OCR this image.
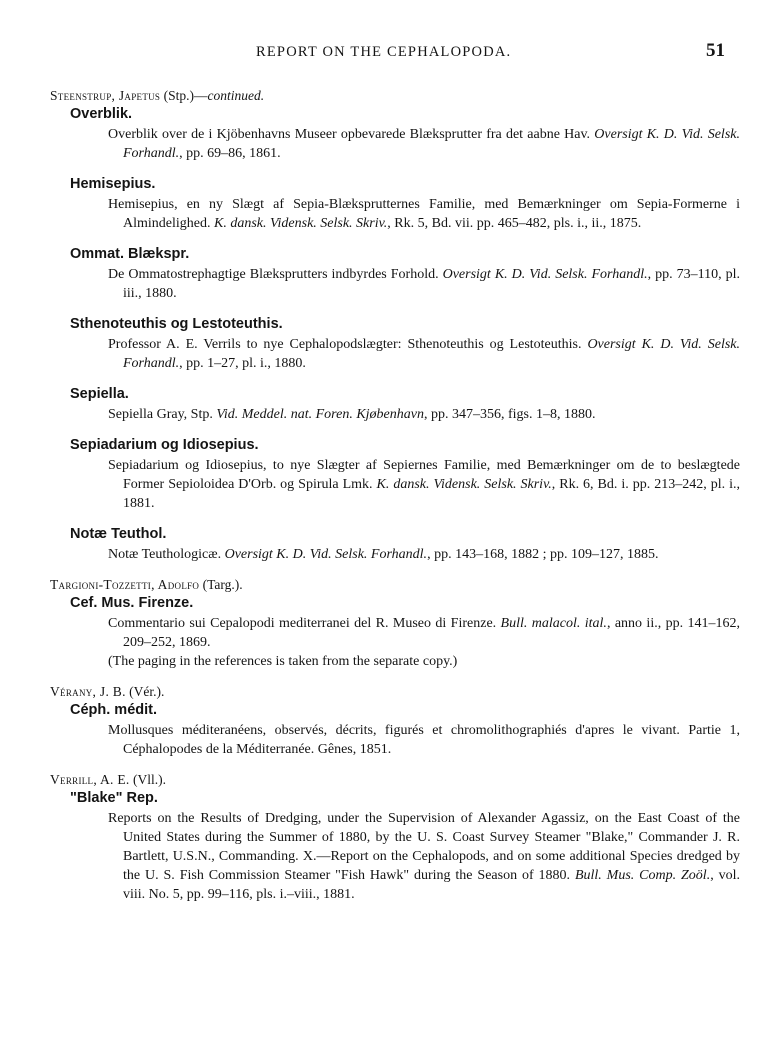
REPORT ON THE CEPHALOPODA.	51
Steenstrup, Japetus (Stp.)—continued.
Overblik.
Overblik over de i Kjöbenhavns Museer opbevarede Blæksprutter fra det aabne Hav. Oversigt K. D. Vid. Selsk. Forhandl., pp. 69–86, 1861.
Hemisepius.
Hemisepius, en ny Slægt af Sepia-Blæksprutternes Familie, med Bemærkninger om Sepia-Formerne i Almindelighed. K. dansk. Vidensk. Selsk. Skriv., Rk. 5, Bd. vii. pp. 465–482, pls. i., ii., 1875.
Ommat. Blækspr.
De Ommatostrephagtige Blæksprutters indbyrdes Forhold. Oversigt K. D. Vid. Selsk. Forhandl., pp. 73–110, pl. iii., 1880.
Sthenoteuthis og Lestoteuthis.
Professor A. E. Verrils to nye Cephalopodslægter: Sthenoteuthis og Lestoteuthis. Oversigt K. D. Vid. Selsk. Forhandl., pp. 1–27, pl. i., 1880.
Sepiella.
Sepiella Gray, Stp. Vid. Meddel. nat. Foren. Kjøbenhavn, pp. 347–356, figs. 1–8, 1880.
Sepiadarium og Idiosepius.
Sepiadarium og Idiosepius, to nye Slægter af Sepiernes Familie, med Bemærkninger om de to beslægtede Former Sepioloidea D'Orb. og Spirula Lmk. K. dansk. Vidensk. Selsk. Skriv., Rk. 6, Bd. i. pp. 213–242, pl. i., 1881.
Notæ Teuthol.
Notæ Teuthologicæ. Oversigt K. D. Vid. Selsk. Forhandl., pp. 143–168, 1882 ; pp. 109–127, 1885.
Targioni-Tozzetti, Adolfo (Targ.).
Cef. Mus. Firenze.
Commentario sui Cepalopodi mediterranei del R. Museo di Firenze. Bull. malacol. ital., anno ii., pp. 141–162, 209–252, 1869.
(The paging in the references is taken from the separate copy.)
Vérany, J. B. (Vér.).
Céph. médit.
Mollusques méditeranéens, observés, décrits, figurés et chromolithographiés d'apres le vivant. Partie 1, Céphalopodes de la Méditerranée. Gênes, 1851.
Verrill, A. E. (Vll.).
"Blake" Rep.
Reports on the Results of Dredging, under the Supervision of Alexander Agassiz, on the East Coast of the United States during the Summer of 1880, by the U. S. Coast Survey Steamer "Blake," Commander J. R. Bartlett, U.S.N., Commanding. X.—Report on the Cephalopods, and on some additional Species dredged by the U. S. Fish Commission Steamer "Fish Hawk" during the Season of 1880. Bull. Mus. Comp. Zoöl., vol. viii. No. 5, pp. 99–116, pls. i.–viii., 1881.
